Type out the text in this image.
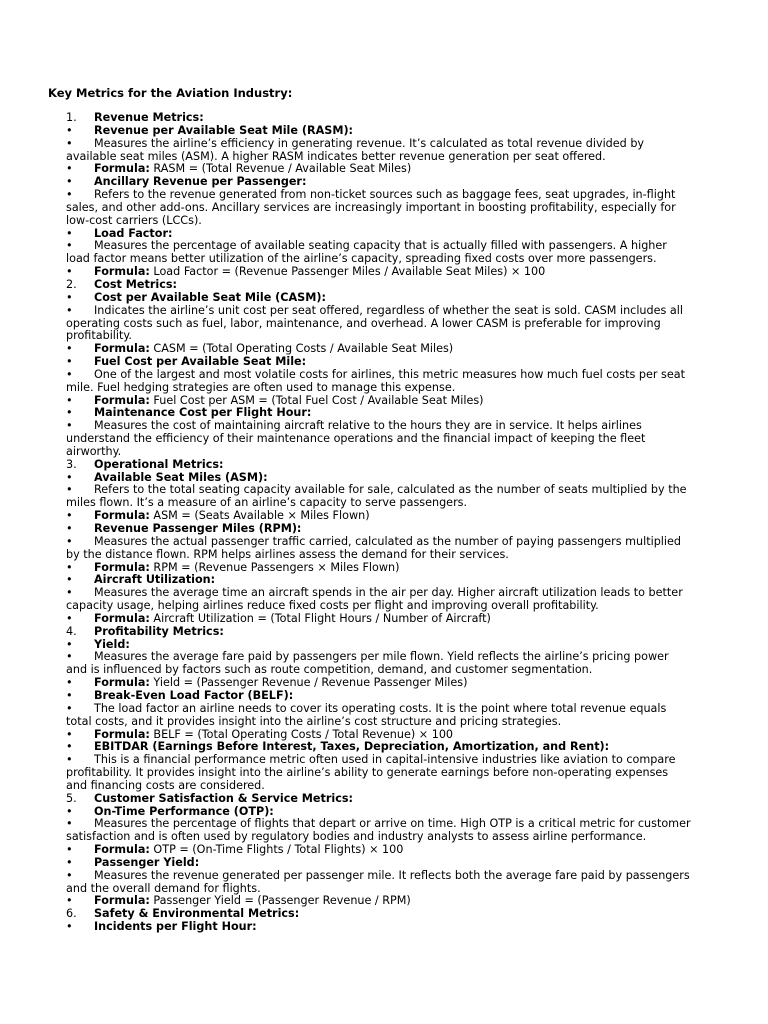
Key Metrics for the Aviation Industry:
1.	Revenue Metrics:
•	Revenue per Available Seat Mile (RASM):
•	Measures the airline’s efficiency in generating revenue. It’s calculated as total revenue divided by
available seat miles (ASM). A higher RASM indicates better revenue generation per seat offered.
•	Formula: RASM = (Total Revenue / Available Seat Miles)
•	Ancillary Revenue per Passenger:
•	Refers to the revenue generated from non-ticket sources such as baggage fees, seat upgrades, in-flight
sales, and other add-ons. Ancillary services are increasingly important in boosting profitability, especially for
low-cost carriers (LCCs).
•	Load Factor:
•	Measures the percentage of available seating capacity that is actually filled with passengers. A higher
load factor means better utilization of the airline’s capacity, spreading fixed costs over more passengers.
•	Formula: Load Factor = (Revenue Passenger Miles / Available Seat Miles) × 100
2.	Cost Metrics:
•	Cost per Available Seat Mile (CASM):
•	Indicates the airline’s unit cost per seat offered, regardless of whether the seat is sold. CASM includes all
operating costs such as fuel, labor, maintenance, and overhead. A lower CASM is preferable for improving
profitability.
•	Formula: CASM = (Total Operating Costs / Available Seat Miles)
•	Fuel Cost per Available Seat Mile:
•	One of the largest and most volatile costs for airlines, this metric measures how much fuel costs per seat
mile. Fuel hedging strategies are often used to manage this expense.
•	Formula: Fuel Cost per ASM = (Total Fuel Cost / Available Seat Miles)
•	Maintenance Cost per Flight Hour:
•	Measures the cost of maintaining aircraft relative to the hours they are in service. It helps airlines
understand the efficiency of their maintenance operations and the financial impact of keeping the fleet
airworthy.
3.	Operational Metrics:
•	Available Seat Miles (ASM):
•	Refers to the total seating capacity available for sale, calculated as the number of seats multiplied by the
miles flown. It’s a measure of an airline’s capacity to serve passengers.
•	Formula: ASM = (Seats Available × Miles Flown)
•	Revenue Passenger Miles (RPM):
•	Measures the actual passenger traffic carried, calculated as the number of paying passengers multiplied
by the distance flown. RPM helps airlines assess the demand for their services.
•	Formula: RPM = (Revenue Passengers × Miles Flown)
•	Aircraft Utilization:
•	Measures the average time an aircraft spends in the air per day. Higher aircraft utilization leads to better
capacity usage, helping airlines reduce fixed costs per flight and improving overall profitability.
•	Formula: Aircraft Utilization = (Total Flight Hours / Number of Aircraft)
4.	Profitability Metrics:
•	Yield:
•	Measures the average fare paid by passengers per mile flown. Yield reflects the airline’s pricing power
and is influenced by factors such as route competition, demand, and customer segmentation.
•	Formula: Yield = (Passenger Revenue / Revenue Passenger Miles)
•	Break-Even Load Factor (BELF):
•	The load factor an airline needs to cover its operating costs. It is the point where total revenue equals
total costs, and it provides insight into the airline’s cost structure and pricing strategies.
•	Formula: BELF = (Total Operating Costs / Total Revenue) × 100
•	EBITDAR (Earnings Before Interest, Taxes, Depreciation, Amortization, and Rent):
•	This is a financial performance metric often used in capital-intensive industries like aviation to compare
profitability. It provides insight into the airline’s ability to generate earnings before non-operating expenses
and financing costs are considered.
5.	Customer Satisfaction & Service Metrics:
•	On-Time Performance (OTP):
•	Measures the percentage of flights that depart or arrive on time. High OTP is a critical metric for customer
satisfaction and is often used by regulatory bodies and industry analysts to assess airline performance.
•	Formula: OTP = (On-Time Flights / Total Flights) × 100
•	Passenger Yield:
•	Measures the revenue generated per passenger mile. It reflects both the average fare paid by passengers
and the overall demand for flights.
•	Formula: Passenger Yield = (Passenger Revenue / RPM)
6.	Safety & Environmental Metrics:
•	Incidents per Flight Hour:
